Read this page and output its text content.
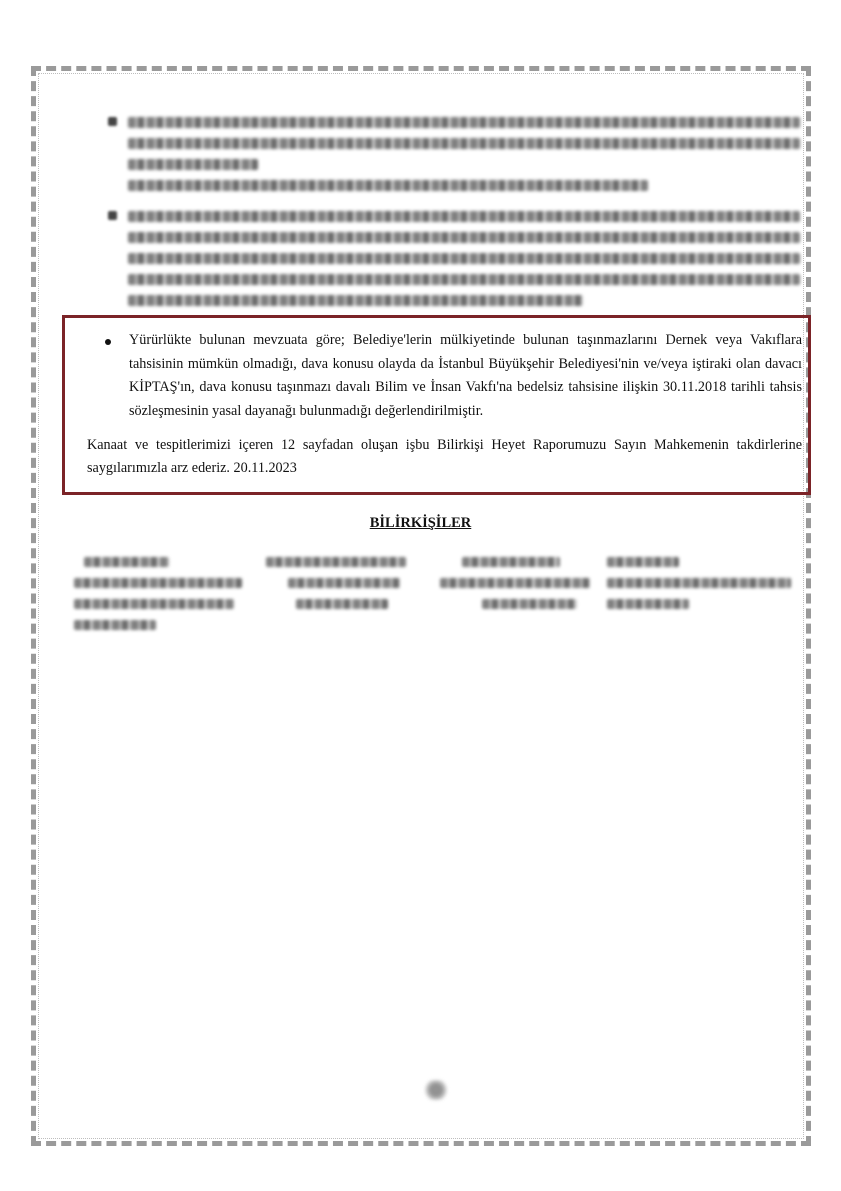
Yürürlükte bulunan mevzuata göre; Belediye'lerin mülkiyetinde bulunan taşınmazlarını Dernek veya Vakıflara tahsisinin mümkün olmadığı, dava konusu olayda da İstanbul Büyükşehir Belediyesi'nin ve/veya iştiraki olan davacı KİPTAŞ'ın, dava konusu taşınmazı davalı Bilim ve İnsan Vakfı'na bedelsiz tahsisine ilişkin 30.11.2018 tarihli tahsis sözleşmesinin yasal dayanağı bulunmadığı değerlendirilmiştir.
Kanaat ve tespitlerimizi içeren 12 sayfadan oluşan işbu Bilirkişi Heyet Raporumuzu Sayın Mahkemenin takdirlerine saygılarımızla arz ederiz. 20.11.2023
BİLİRKİŞİLER
